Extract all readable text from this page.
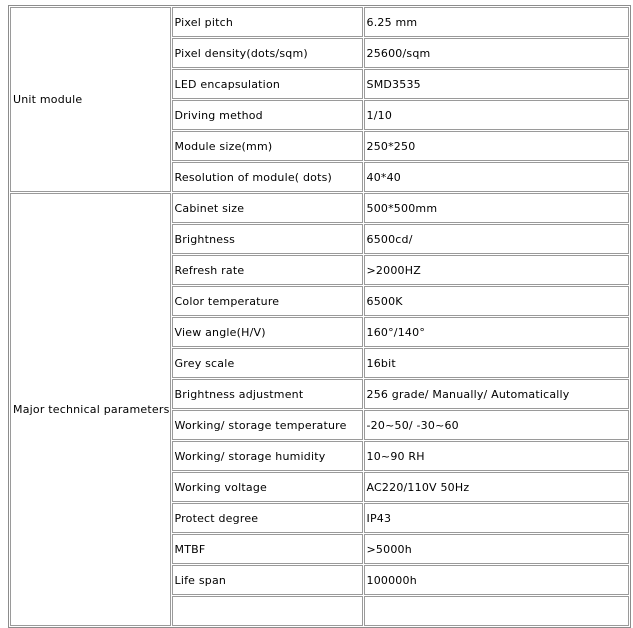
Unit module	Pixel pitch	6.25 mm
	Pixel density(dots/sqm)	25600/sqm
	LED encapsulation	SMD3535
	Driving method	1/10
	Module size(mm)	250*250
	Resolution of module( dots)	40*40
Major technical parameters	Cabinet size	500*500mm
	Brightness	6500cd/
	Refresh rate	>2000HZ
	Color temperature	6500K
	View angle(H/V)	160°/140°
	Grey scale	16bit
	Brightness adjustment	256 grade/ Manually/ Automatically
	Working/ storage temperature	-20~50/ -30~60
	Working/ storage humidity	10~90 RH
	Working voltage	AC220/110V 50Hz
	Protect degree	IP43
	MTBF	>5000h
	Life span	100000h
